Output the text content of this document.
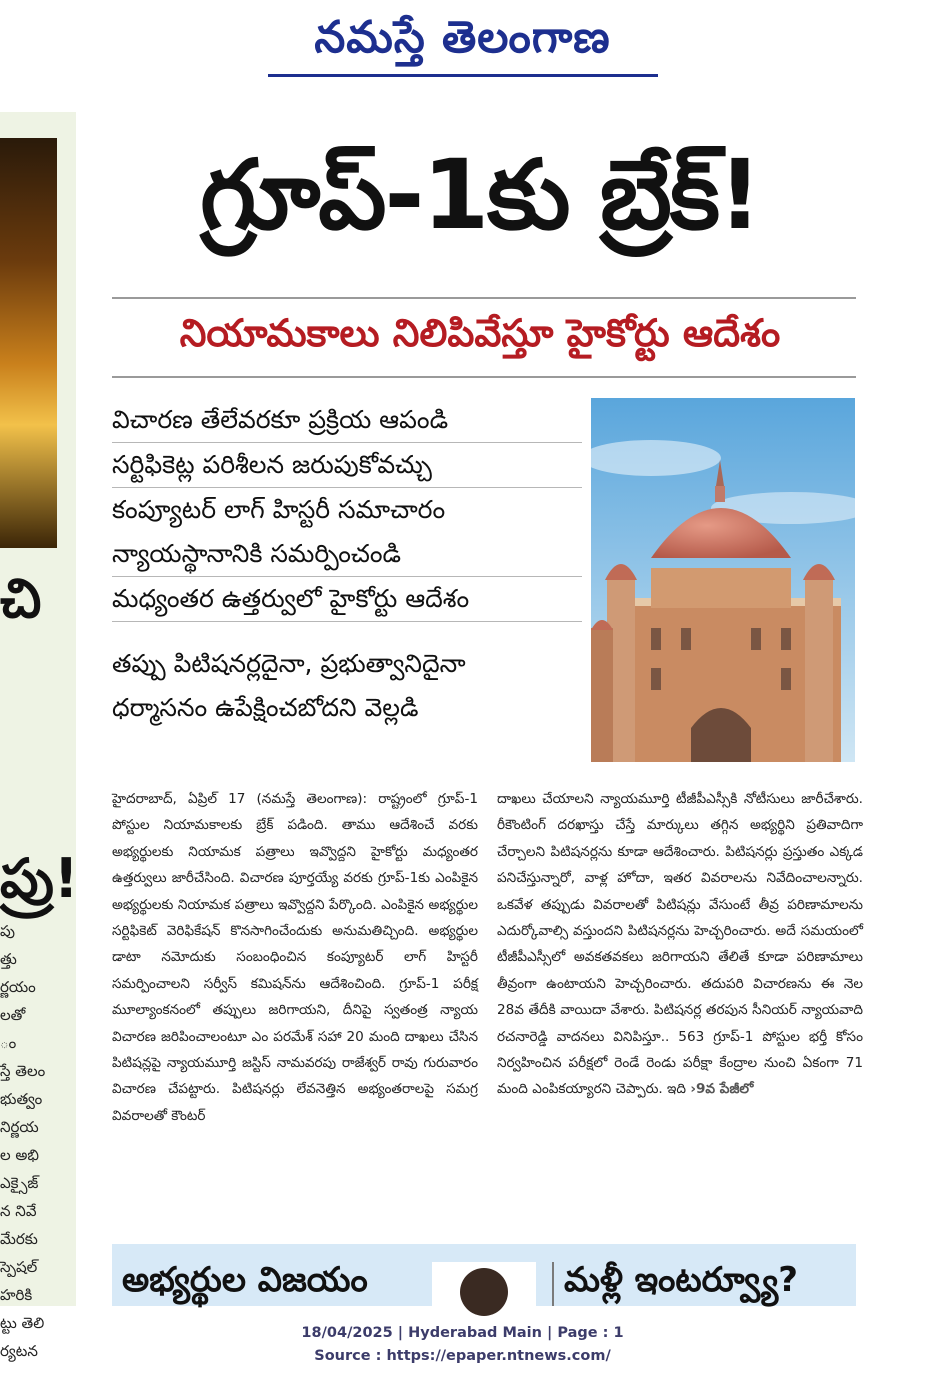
నమస్తే తెలంగాణ
చి
ప్రు!
పు
త్తు
ర్ణయం
లతో
ం
స్తే తెలం
భుత్వం
నిర్ణయ
ల అభి
ఎక్సైజ్
న నివే
మేరకు
స్పెషల్
హరికి
ట్టు తెలి
ర్యటన
గ్రూప్-1కు బ్రేక్!
నియామకాలు నిలిపివేస్తూ హైకోర్టు ఆదేశం
విచారణ తేలేవరకూ ప్రక్రియ ఆపండి
సర్టిఫికెట్ల పరిశీలన జరుపుకోవచ్చు
కంప్యూటర్ లాగ్ హిస్టరీ సమాచారం
న్యాయస్థానానికి సమర్పించండి
మధ్యంతర ఉత్తర్వులో హైకోర్టు ఆదేశం
తప్పు పిటిషనర్లదైనా, ప్రభుత్వానిదైనా
ధర్మాసనం ఉపేక్షించబోదని వెల్లడి
హైదరాబాద్, ఏప్రిల్ 17 (నమస్తే తెలంగాణ): రాష్ట్రంలో గ్రూప్-1 పోస్టుల నియామకాలకు బ్రేక్ పడింది. తాము ఆదేశించే వరకు అభ్యర్థులకు నియామక పత్రాలు ఇవ్వొద్దని హైకోర్టు మధ్యంతర ఉత్తర్వులు జారీచేసింది. విచారణ పూర్తయ్యే వరకు గ్రూప్-1కు ఎంపికైన అభ్యర్థులకు నియామక పత్రాలు ఇవ్వొద్దని పేర్కొంది. ఎంపికైన అభ్యర్థుల సర్టిఫికెట్ వెరిఫికేషన్ కొనసాగించేందుకు అనుమతిచ్చింది. అభ్యర్థుల డాటా నమోదుకు సంబంధించిన కంప్యూటర్ లాగ్ హిస్టరీ సమర్పించాలని సర్వీస్ కమిషన్‌ను ఆదేశించింది. గ్రూప్-1 పరీక్ష మూల్యాంకనంలో తప్పులు జరిగాయని, దీనిపై స్వతంత్ర న్యాయ విచారణ జరిపించాలంటూ ఎం పరమేశ్ సహా 20 మంది దాఖలు చేసిన పిటిషన్లపై న్యాయమూర్తి జస్టిస్ నామవరపు రాజేశ్వర్ రావు గురువారం విచారణ చేపట్టారు. పిటిషనర్లు లేవనెత్తిన అభ్యంతరాలపై సమగ్ర వివరాలతో కౌంటర్
దాఖలు చేయాలని న్యాయమూర్తి టీజీపీఎస్సీకి నోటీసులు జారీచేశారు. రీకౌంటింగ్ దరఖాస్తు చేస్తే మార్కులు తగ్గిన అభ్యర్థిని ప్రతివాదిగా చేర్చాలని పిటిషనర్లను కూడా ఆదేశించారు. పిటిషనర్లు ప్రస్తుతం ఎక్కడ పనిచేస్తున్నారో, వాళ్ల హోదా, ఇతర వివరాలను నివేదించాలన్నారు. ఒకవేళ తప్పుడు వివరాలతో పిటిషన్లు వేసుంటే తీవ్ర పరిణామాలను ఎదుర్కోవాల్సి వస్తుందని పిటిషనర్లను హెచ్చరించారు. అదే సమయంలో టీజీపీఎస్సీలో అవకతవకలు జరిగాయని తేలితే కూడా పరిణామాలు తీవ్రంగా ఉంటాయని హెచ్చరించారు. తదుపరి విచారణను ఈ నెల 28వ తేదీకి వాయిదా వేశారు. పిటిషనర్ల తరపున సీనియర్ న్యాయవాది రచనారెడ్డి వాదనలు వినిపిస్తూ.. 563 గ్రూప్-1 పోస్టుల భర్తీ కోసం నిర్వహించిన పరీక్షలో రెండే రెండు పరీక్షా కేంద్రాల నుంచి ఏకంగా 71 మంది ఎంపికయ్యారని చెప్పారు. ఇది ›9వ పేజీలో
అభ్యర్థుల విజయం	మళ్లీ ఇంటర్వ్యూ?
18/04/2025 | Hyderabad Main | Page : 1
Source : https://epaper.ntnews.com/
